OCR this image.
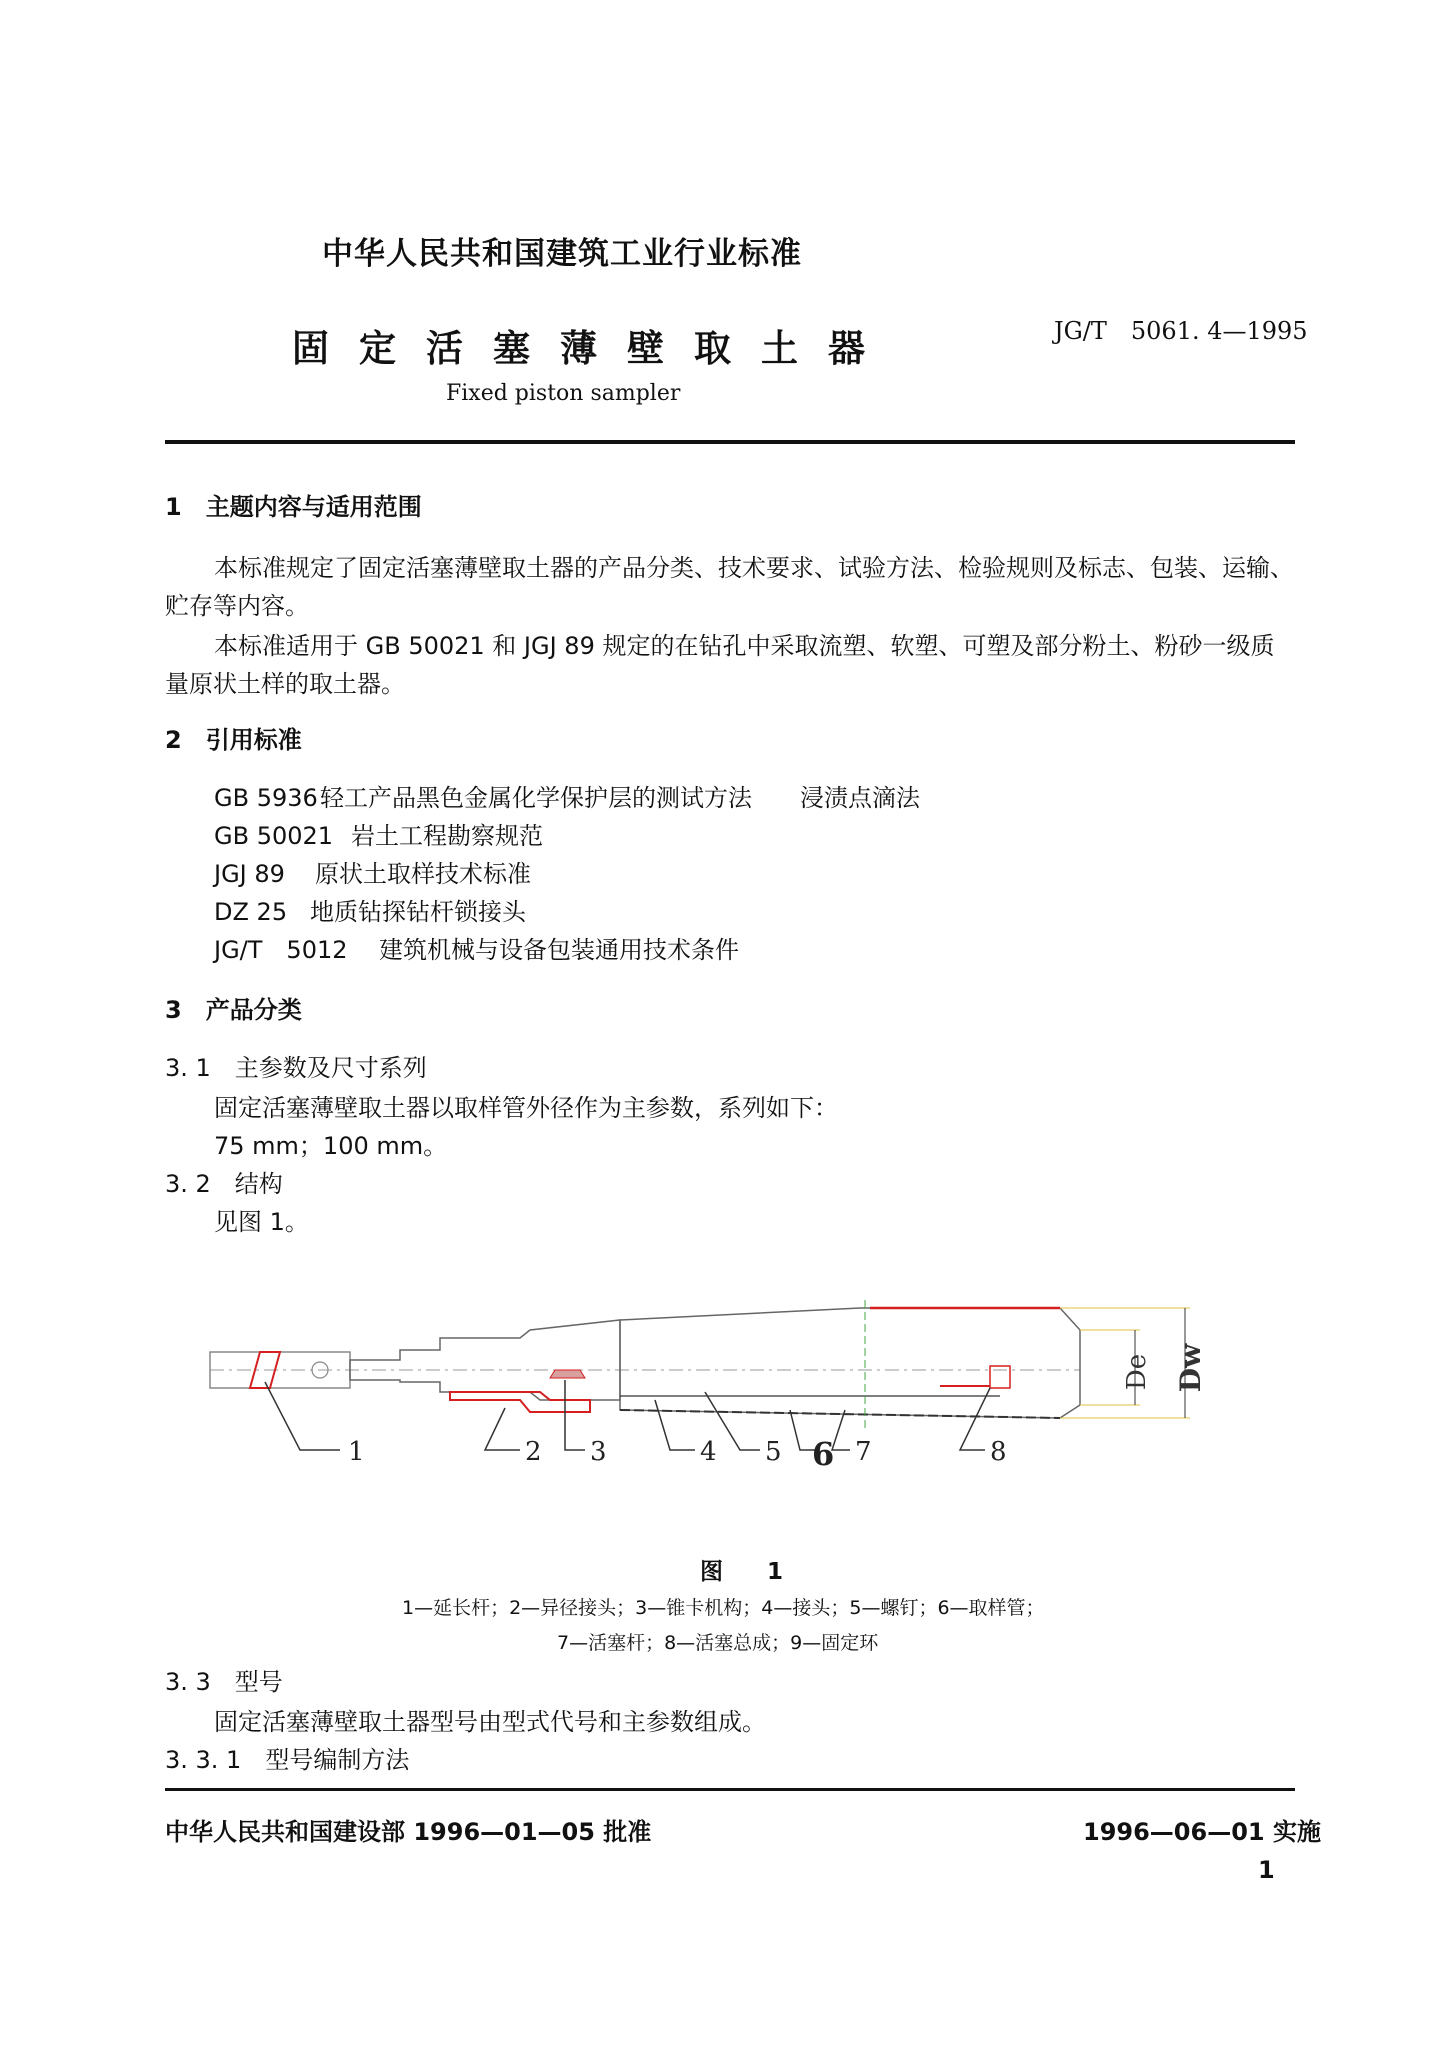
中华人民共和国建筑工业行业标准
固定活塞薄壁取土器	JG/T　5061. 4—1995
Fixed piston sampler
1　主题内容与适用范围
本标准规定了固定活塞薄壁取土器的产品分类、技术要求、试验方法、检验规则及标志、包装、运输、
贮存等内容。
本标准适用于 GB 50021 和 JGJ 89 规定的在钻孔中采取流塑、软塑、可塑及部分粉土、粉砂一级质
量原状土样的取土器。
2　引用标准
GB 5936轻工产品黑色金属化学保护层的测试方法　　浸渍点滴法
GB 50021 岩土工程勘察规范
JGJ 89 原状土取样技术标准
DZ 25 地质钻探钻杆锁接头
JG/T　5012 建筑机械与设备包装通用技术条件
3　产品分类
3. 1　主参数及尺寸系列
固定活塞薄壁取土器以取样管外径作为主参数，系列如下：
75 mm；100 mm。
3. 2　结构
见图 1。
De Dw
1	2 3	4 5 6 7	8
图 1
1—延长杆；2—异径接头；3—锥卡机构；4—接头；5—螺钉；6—取样管；
7—活塞杆；8—活塞总成；9—固定环
3. 3　型号
固定活塞薄壁取土器型号由型式代号和主参数组成。
3. 3. 1　型号编制方法
中华人民共和国建设部 1996—01—05 批准	1996—06—01 实施
1
